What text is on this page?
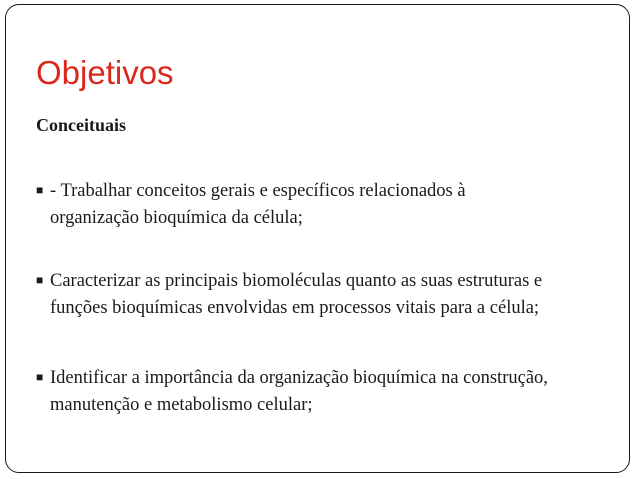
Objetivos
Conceituais
■ - Trabalhar conceitos gerais e específicos relacionados à
organização bioquímica da célula;
■ Caracterizar as principais biomoléculas quanto as suas estruturas e
funções bioquímicas envolvidas em processos vitais para a célula;
■ Identificar a importância da organização bioquímica na construção,
manutenção e metabolismo celular;
